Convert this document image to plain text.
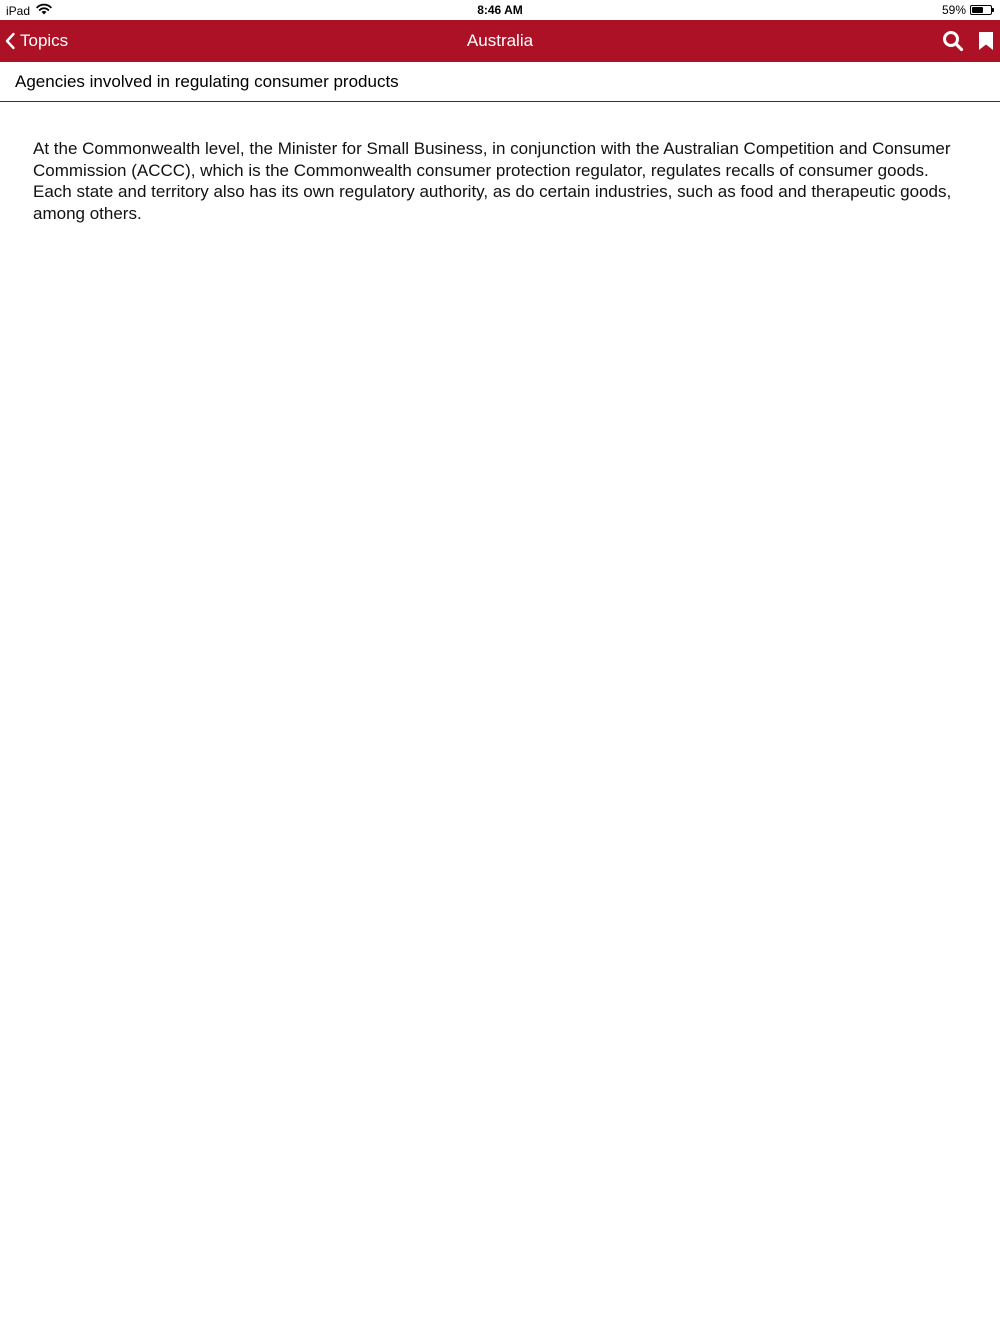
iPad	8:46 AM	59%
Topics	Australia
Agencies involved in regulating consumer products
At the Commonwealth level, the Minister for Small Business, in conjunction with the Australian Competition and Consumer Commission (ACCC), which is the Commonwealth consumer protection regulator, regulates recalls of consumer goods. Each state and territory also has its own regulatory authority, as do certain industries, such as food and therapeutic goods, among others.
